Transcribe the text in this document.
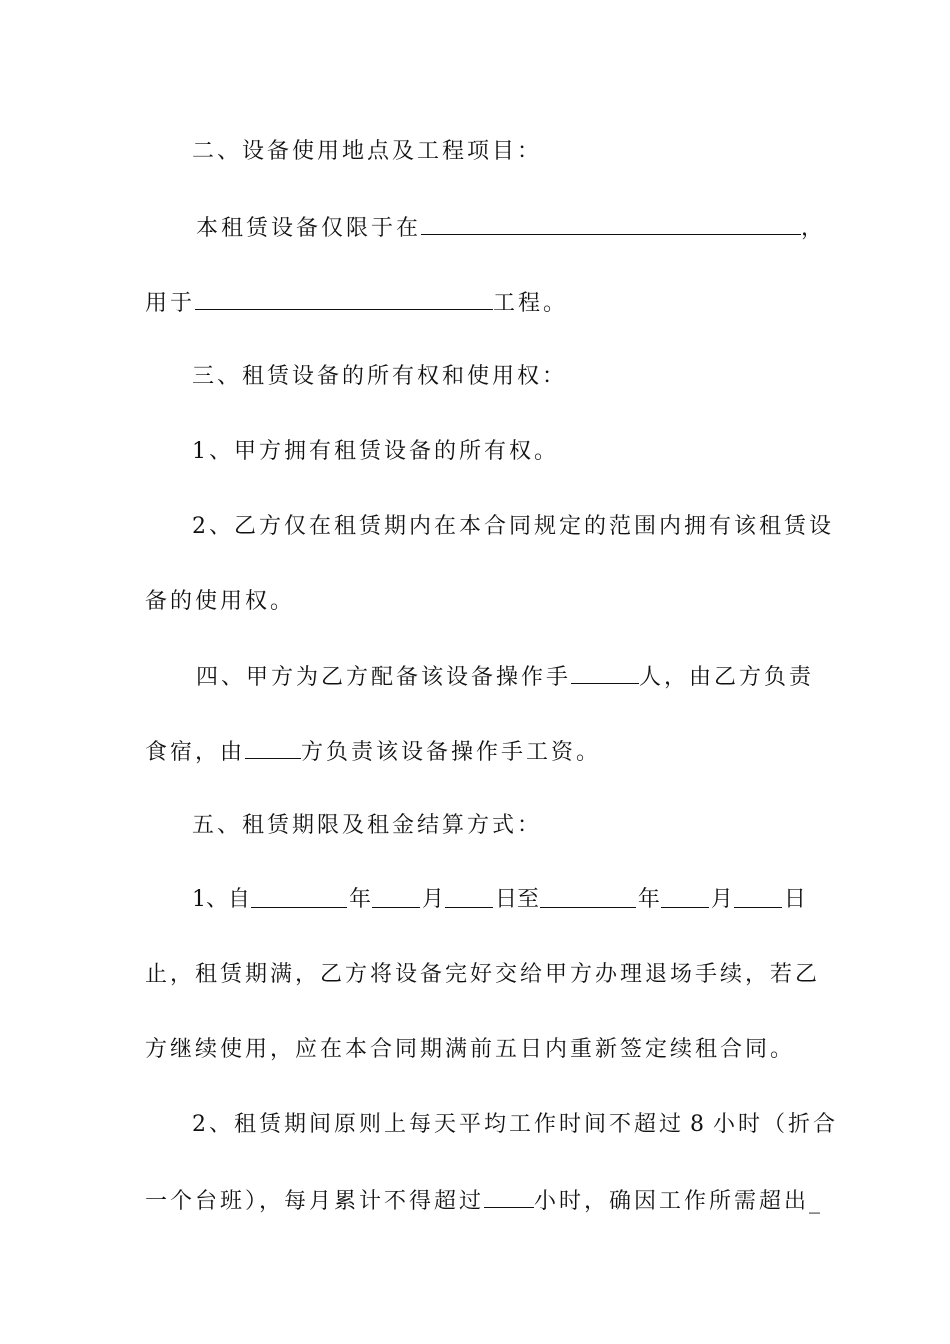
二、设备使用地点及工程项目：
本租赁设备仅限于在	，
用于	工程。
三、租赁设备的所有权和使用权：
1、甲方拥有租赁设备的所有权。
2、乙方仅在租赁期内在本合同规定的范围内拥有该租赁设
备的使用权。
四、甲方为乙方配备该设备操作手	人，由乙方负责
食宿，由	方负责该设备操作手工资。
五、租赁期限及租金结算方式：
1、自	年 月 日至	年 月 日
止，租赁期满，乙方将设备完好交给甲方办理退场手续，若乙
方继续使用，应在本合同期满前五日内重新签定续租合同。
2、租赁期间原则上每天平均工作时间不超过 8 小时（折合
一个台班），每月累计不得超过 小时，确因工作所需超出_
